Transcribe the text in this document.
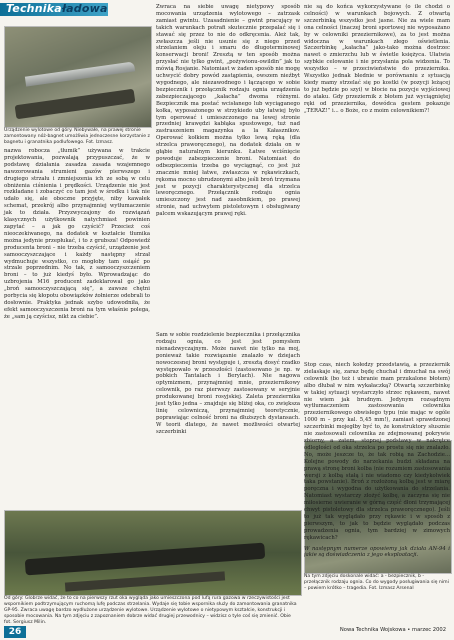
Technikaładowa
Urządzenie wylotowe od góry. Niebywałe, na prawej stronie zamontowany nóż-bagnet umożliwia jednoczesne korzystanie z bagnetu i granatnika podlufowego. Fot. Izmasz.

nazwa robocza „tłumik” używana w trakcie projektowania, pozwalają przypuszczać, że w podstawę działania zasadza zasada wzajemnego nawzorowania strumieni gazów pierwszego i drugiego strzału i zmniejszenia ich ze sobą w celu obniżenia ciśnienia i prędkości. Urządzenie nie jest rozkładane i zobaczyć co tam jest w środku i tak nie udało się, ale oboczne przyjęte, niby kawałek schemat, przekrój albo przynajmniej wytłumaczenie jak to działa. Przyzwyczajony do rozwiązań klasycznych użytkownik natychmiast powinien zapytać – a jak go czyścić? Przecież coś nieoczekiwanego, na dodatek w kształcie tłumika można jedynie przepłukać, i to z grubsza! Odpowiedź producenta broni – nie trzeba czyścić, urządzenie jest samooczyszczające i każdy następny strzał wydmuchuje wszystko, co mogłoby tam osiąść po strzale poprzednim. No tak, z samooczyszczeniem broni – to już kiedyś było. Wprowadzając do uzbrojenia M16 producent zadeklarował go jako „broń samooczyszczającą się”, a zawsze chętni porbycia się kłopotu obowiązków żołnierze odebrali to dosłownie. Praktyka jednak szybo udowodniła, że efekt samooczyszczenia broni na tym właśnie polega, że „sam ją czyścisz, nikt za ciebie”.

Zwraca na siebie uwagę nietypowy sposób mocowania urządzenia wylotowego – zatrzask zamiast gwintu. Uzasadnienie – gwint pracujący w takich warunkach potrafi skutecznie przepalać się i stawać się przez to nie do odkręcenia. Ależ tak, zwłaszcza jeśli nie usunie się z niego przed strzelaniem oleju i smaru do długoterminowej konserwacji broni! Zresztą w ten sposób można przysłać nie tylko gwint, „pożywionu-owildin” jak to mówią Rosjanie. Natomiast w żaden sposób nie mogę uchwycić dobry powód zastąpienia, owszem nieźbyt wygodnego, ale niezawodnego i łączącego w sobie bezpiecznik i przełącznik rodzaju ognia urządzenia zabezpieczającego „kałacha” dwoma różnymi. Bezpiecznik ma postać wcisłanego lub wyciąganego kołka, wyposażonego w strzykiedo uby łatwiej było tym operować i umieszczonego na lewej stronie przedniej krawędzi kabłąka spustowego, tuż nad zastraszeniem magazynka a la Kałasznikov. Operować kołkiem można tylko lewą ręką (dla strzelca praworęcznego), na dodatek działa on w głąbie naturalnym kierunku. Łatwe wciśnięcie powoduje zabezpieczenie broni. Natomiast do odbezpieczenia trzeba go wyciągnąć, co jest już znacznie mniej łatwe, zwłaszcza w rękawiczkach, rękoma mocno ubrudzonymi albo jeśli broń trzymana jest w pozycji charakterystycznej dla strzelca leworęcznego. Przełącznik rodzaju ognia umieszczony jest nad zasobnikiem, po prawej stronie, nad uchwytem pistoletowym i obsługiwany palcem wskazującym prawej ręki.

nie są do końca wykorzystywane (o ile chodzi o celności) w warunkach bojowych. Z otwartą szczerbinką wszystko jest jasne. Nie za wiele mam ona celności (inaczej broni sportowej nie wyposażano by w celowniki przeziernikowe), za to jest można widoczna w warunkach złego oświetlenia. Szczerbinkę „kałacha” jako-tako można dostrzec nawet o zmierzchu lub w świetle księżyca. Ułatwia szybkie celowanie i nie przysłania pola widzenia. To wszystko – w przeciwieństwie do przeziernika. Wszystko jednak blednie w porównaniu z sytuacją kiedy mamy strzelać się po kostki (w pozycji leżącej to już będzie po szyi) w błocie na pozycje wyjściowej do ataku. Gdy przeziernik z błotem już wyciągniętej ręki od przeziernika, dowódca gestem pokazuje „TERAZ!” i... o Boże, co z moim celownikiem?!

Na tym zdjęciu doskonale widać: a - bezpiecznik, b - przełącznik rodzaju ognia. Co do wygody posługiwania się nimi – powiem krótko – tragedia. Fot. Izmasz Arsenal

Stop czas, niech kołedzy przedstawią, a przeziernik zielaskaje się, zaraz będę chuchał i dmuchał na swój celownik (bo też i ubranie mam przukalone błotem) albo dłubał w nim wykałaczką? Otwartą szczerbinkę w takiej sytuacji wystarczyło strzec rękawem, nawet nie wiem jak brudnym. Jedynym rozsądnym wytłumaczeniem zastosowania celownika przeziernikowego obwisłego typu (nie mając w ogóle 1000 m – przy kal. 5,45 mm!), zamiast sprawdzonej szczerbinki mojegłby być to, że konstruktory słusznie nie zastosowali celownika ze zdejmowanej pokrywie zbiorny, a zatem, stopnej podstawy w nakrętce odległości od oka strzelca po prostu się nie znalazło. No, może jeszcze to, że tak robią na Zachodzie... Kolejne powody do narzekania budzi składana na prawą stronę broni kolba (nie rozumiem zastosowania wersji z kolbą stałą i nie wiadomo czy kiedykolwiek taka powstanie). Broń z rozłożoną kolbą jest w miarę poręczna i wygodna do użytkowania do strzelania. Natomiast wystarczy złożyć kolbę, a zaczyna się nie miłosierne uwieranie w górną część dłoni trzymającej chwyt pistoletowy dla strzelca praworęcznego). Jeśli to już tak wyglądało przy rękawic i w sposób z pierwszym, to jak to będzie wyglądało podczas prowadzenia ognia, tym bardziej w zimowych rękawicach?

W następnym numerze opowiemy jak działa AN-94 i jakie są doświadczenia z jego eksploatacji.

Sam w sobie rozdzielenie bezpiecznika i przełącznika rodzaju ognia, co jest jest pomysłem nienadzwyczajnym. Może nawet nie tylko na moj, ponieważ takie rozwiązanie znalazło w dziejach nowoczesnej broni występuje i, zresztą dosyć rzadko występowało w przeszłości (zastosowano je np. w pobkich Tantalach i Berylach). Nie nagowa optymizmem, przynajmniej mnie, przeziernikowy celownik, po raz pierwszy zastosowany w seryjnie produkowanej broni rosyjskiej. Zaleta przeziernika jest tylko jedna – znajduje się bliżej oka, co zwiększa linię celowniczą, przynajmniej teoretycznie, poprawiając celność broni na dłuższych dystansach. W teorii dlatego, że nawet możliwości otwartej szczerbinki

Od góry: Globrze widać, że to co na pierwszy rzut oka wygląda jako umieszczona pod lufą rura gazowa w rzeczywistości jest wspornikiem podtrzymującym ruchomą lufę podczas strzelania. Wydaje się tobie wspornika służy do zamontowania granatnika GP-95. Zwraca uwagę bardzo wydłużone urządzenie wylotowe. Urządzenie wylotowe o nietypowym kształcie, konstrukcji i sposobie mocowania. Na tym zdjęciu z zapoznaniem dobrze widać drugiej przewodnicy – widzisz o tyle coś się zmienić. Obie fot. Sergiusz Milin.
26	Nowa Technika Wojskowa • marzec 2002
